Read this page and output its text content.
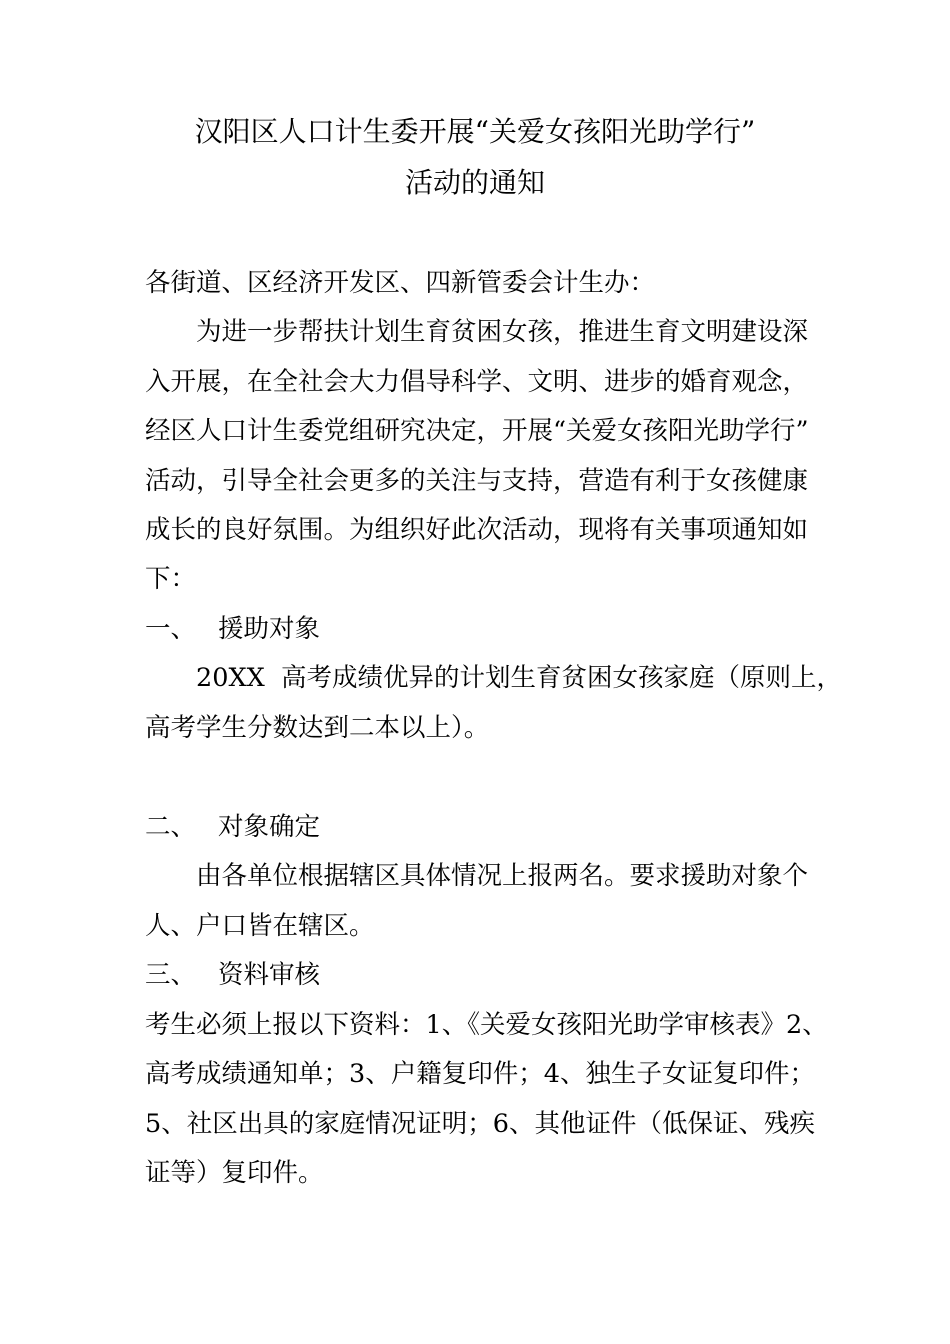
汉阳区人口计生委开展“关爱女孩阳光助学行”
活动的通知
各街道、区经济开发区、四新管委会计生办：
为进一步帮扶计划生育贫困女孩，推进生育文明建设深
入开展，在全社会大力倡导科学、文明、进步的婚育观念，
经区人口计生委党组研究决定，开展“关爱女孩阳光助学行”
活动，引导全社会更多的关注与支持，营造有利于女孩健康
成长的良好氛围。为组织好此次活动，现将有关事项通知如
下：
一、 援助对象
20XX  高考成绩优异的计划生育贫困女孩家庭（原则上，
高考学生分数达到二本以上）。
二、 对象确定
由各单位根据辖区具体情况上报两名。要求援助对象个
人、户口皆在辖区。
三、 资料审核
考生必须上报以下资料：1、《关爱女孩阳光助学审核表》2、
高考成绩通知单；3、户籍复印件；4、独生子女证复印件；
5、社区出具的家庭情况证明；6、其他证件（低保证、残疾
证等）复印件。
